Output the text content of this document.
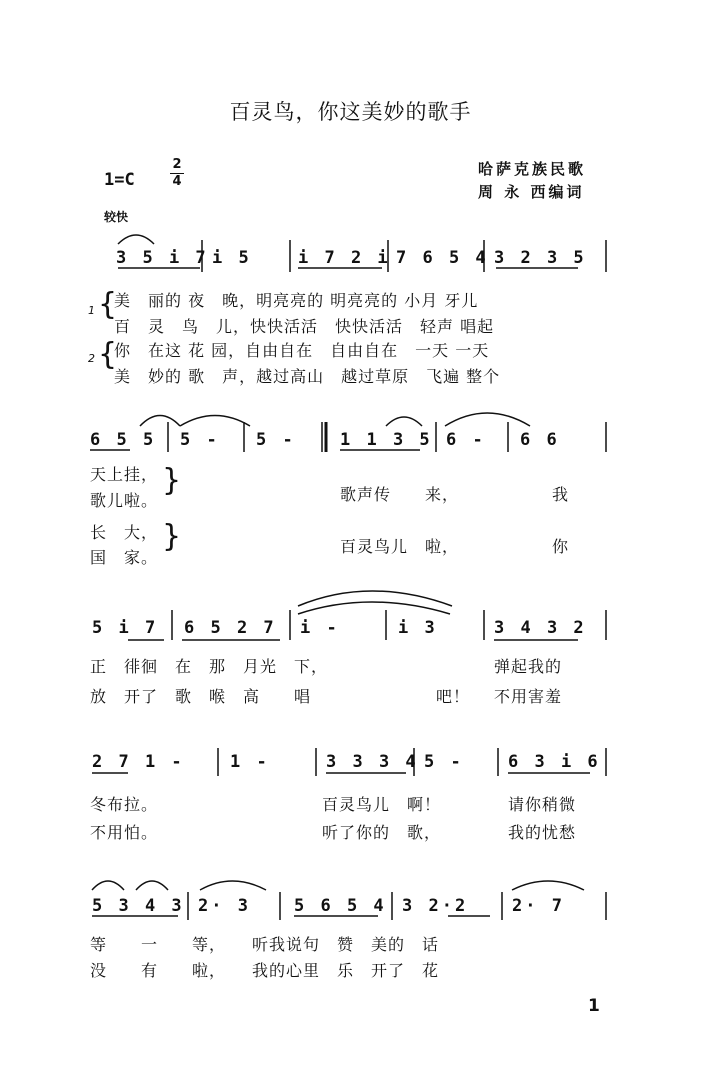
百灵鸟，你这美妙的歌手
1=C
2
4
哈萨克族民歌
周 永 西编词
较快
3 5 i 7 i 5	i 7 2 i 7 6 5 4 3 2 3 5
1
2
{
{
美　丽的 夜　晚，明亮亮的 明亮亮的 小月 牙儿
百　灵　鸟　儿，快快活活　快快活活　轻声 唱起
你　在这 花 园，自由自在　自由自在　一天 一天
美　妙的 歌　声，越过高山　越过草原　飞遍 整个
6 5 5 5 - 5 -	1 1 3 5 6 - 6 6
天上挂，
歌儿啦。
长　大，
国　家。
}
}
歌声传　　来，	我
百灵鸟儿　啦，	你
5 i 7 6 5 2 7 i -	i 3	3 4 3 2
正　徘徊　在　那　月光　下，	弹起我的
放　开了　歌　喉　高　　唱	吧！ 不用害羞
2 7 1 -	1 -	3 3 3 4 5 -	6 3 i 6
冬布拉。	百灵鸟儿　啊！	请你稍微
不用怕。	听了你的　歌，	我的忧愁
5 3 4 3 2· 3	5 6 5 4 3 2·2	2· 7
等　　一　　等，　　听我说句　赞　美的　话
没　　有　　啦，　　我的心里　乐　开了　花
1
